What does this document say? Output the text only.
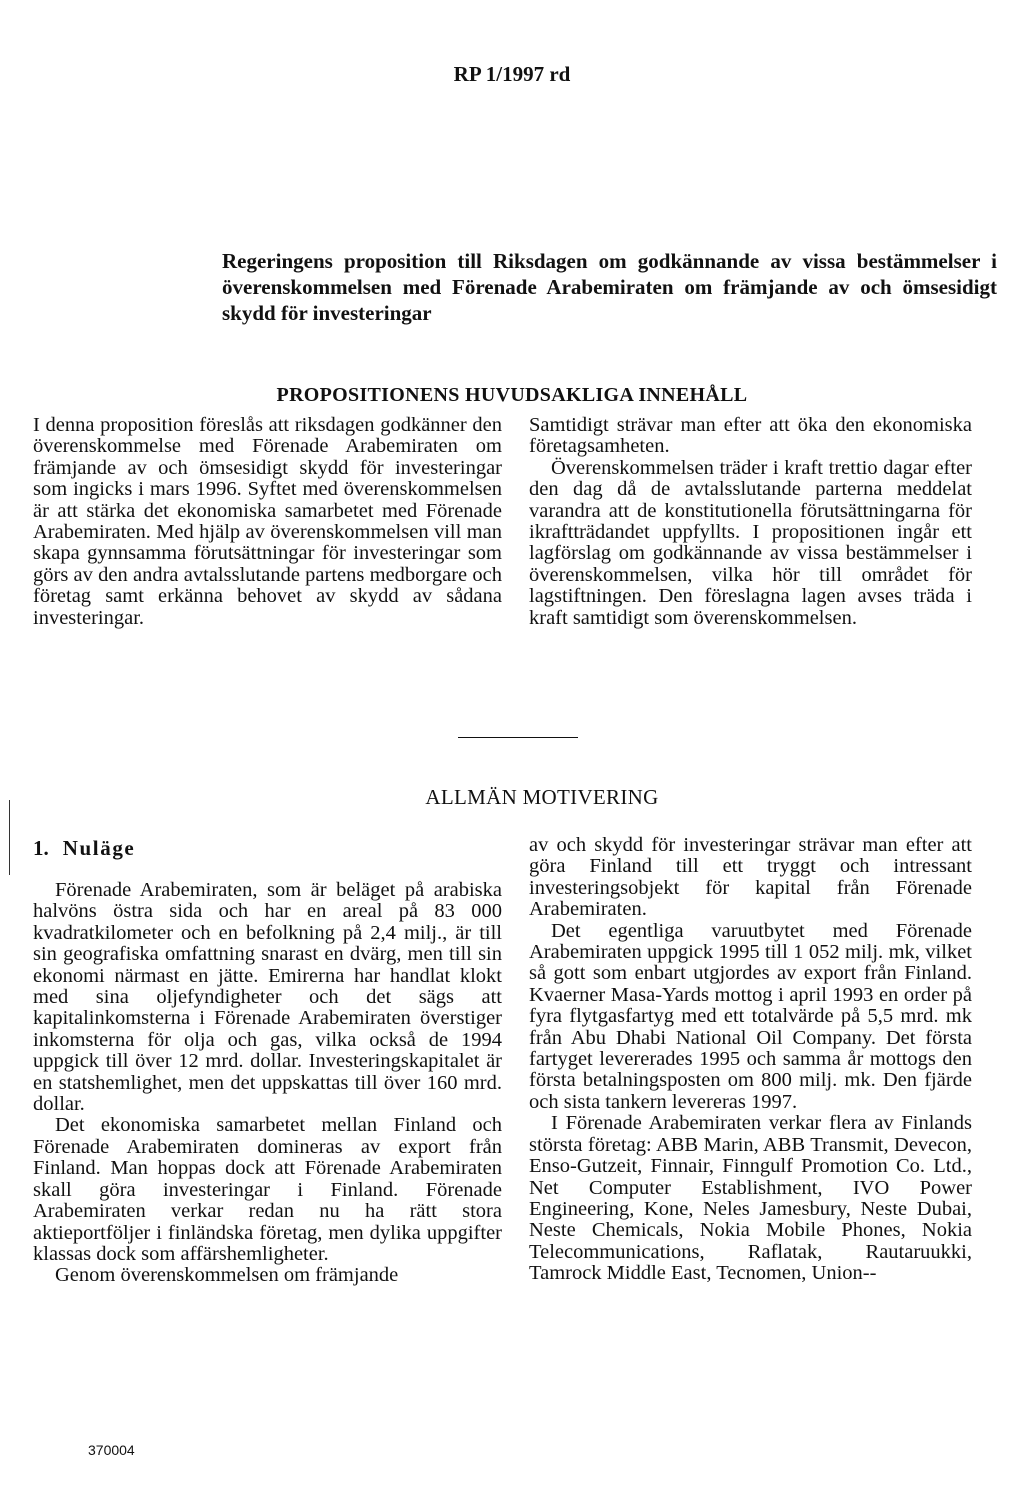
RP 1/1997 rd
Regeringens proposition till Riksdagen om godkännande av vissa bestämmelser i överenskommelsen med Förenade Arabemiraten om främjande av och ömsesidigt skydd för investeringar
PROPOSITIONENS HUVUDSAKLIGA INNEHÅLL

I denna proposition föreslås att riksdagen godkänner den överenskommelse med Förenade Arabemiraten om främjande av och ömsesidigt skydd för investeringar som ingicks i mars 1996. Syftet med överenskommelsen är att stärka det ekonomiska samarbetet med Förenade Arabemiraten. Med hjälp av överenskommelsen vill man skapa gynnsamma förutsättningar för investeringar som görs av den andra avtalsslutande partens medborgare och företag samt erkänna behovet av skydd av sådana investeringar.

Samtidigt strävar man efter att öka den ekonomiska företagsamheten.

Överenskommelsen träder i kraft trettio dagar efter den dag då de avtalsslutande parterna meddelat varandra att de konstitutionella förutsättningarna för ikraftträdandet uppfyllts. I propositionen ingår ett lagförslag om godkännande av vissa bestämmelser i överenskommelsen, vilka hör till området för lagstiftningen. Den föreslagna lagen avses träda i kraft samtidigt som överenskommelsen.

ALLMÄN MOTIVERING
1. Nuläge

Förenade Arabemiraten, som är beläget på arabiska halvöns östra sida och har en areal på 83 000 kvadratkilometer och en befolkning på 2,4 milj., är till sin geografiska omfattning snarast en dvärg, men till sin ekonomi närmast en jätte. Emirerna har handlat klokt med sina oljefyndigheter och det sägs att kapitalinkomsterna i Förenade Arabemiraten överstiger inkomsterna för olja och gas, vilka också de 1994 uppgick till över 12 mrd. dollar. Investeringskapitalet är en statshemlighet, men det uppskattas till över 160 mrd. dollar.

Det ekonomiska samarbetet mellan Finland och Förenade Arabemiraten domineras av export från Finland. Man hoppas dock att Förenade Arabemiraten skall göra investeringar i Finland. Förenade Arabemiraten verkar redan nu ha rätt stora aktieportföljer i finländska företag, men dylika uppgifter klassas dock som affärshemligheter.

Genom överenskommelsen om främjande

av och skydd för investeringar strävar man efter att göra Finland till ett tryggt och intressant investeringsobjekt för kapital från Förenade Arabemiraten.

Det egentliga varuutbytet med Förenade Arabemiraten uppgick 1995 till 1 052 milj. mk, vilket så gott som enbart utgjordes av export från Finland. Kvaerner Masa-Yards mottog i april 1993 en order på fyra flytgasfartyg med ett totalvärde på 5,5 mrd. mk från Abu Dhabi National Oil Company. Det första fartyget levererades 1995 och samma år mottogs den första betalningsposten om 800 milj. mk. Den fjärde och sista tankern levereras 1997.

I Förenade Arabemiraten verkar flera av Finlands största företag: ABB Marin, ABB Transmit, Devecon, Enso-Gutzeit, Finnair, Finngulf Promotion Co. Ltd., Net Computer Establishment, IVO Power Engineering, Kone, Neles Jamesbury, Neste Dubai, Neste Chemicals, Nokia Mobile Phones, Nokia Telecommunications, Raflatak, Rautaruukki, Tamrock Middle East, Tecnomen, Union--

370004
